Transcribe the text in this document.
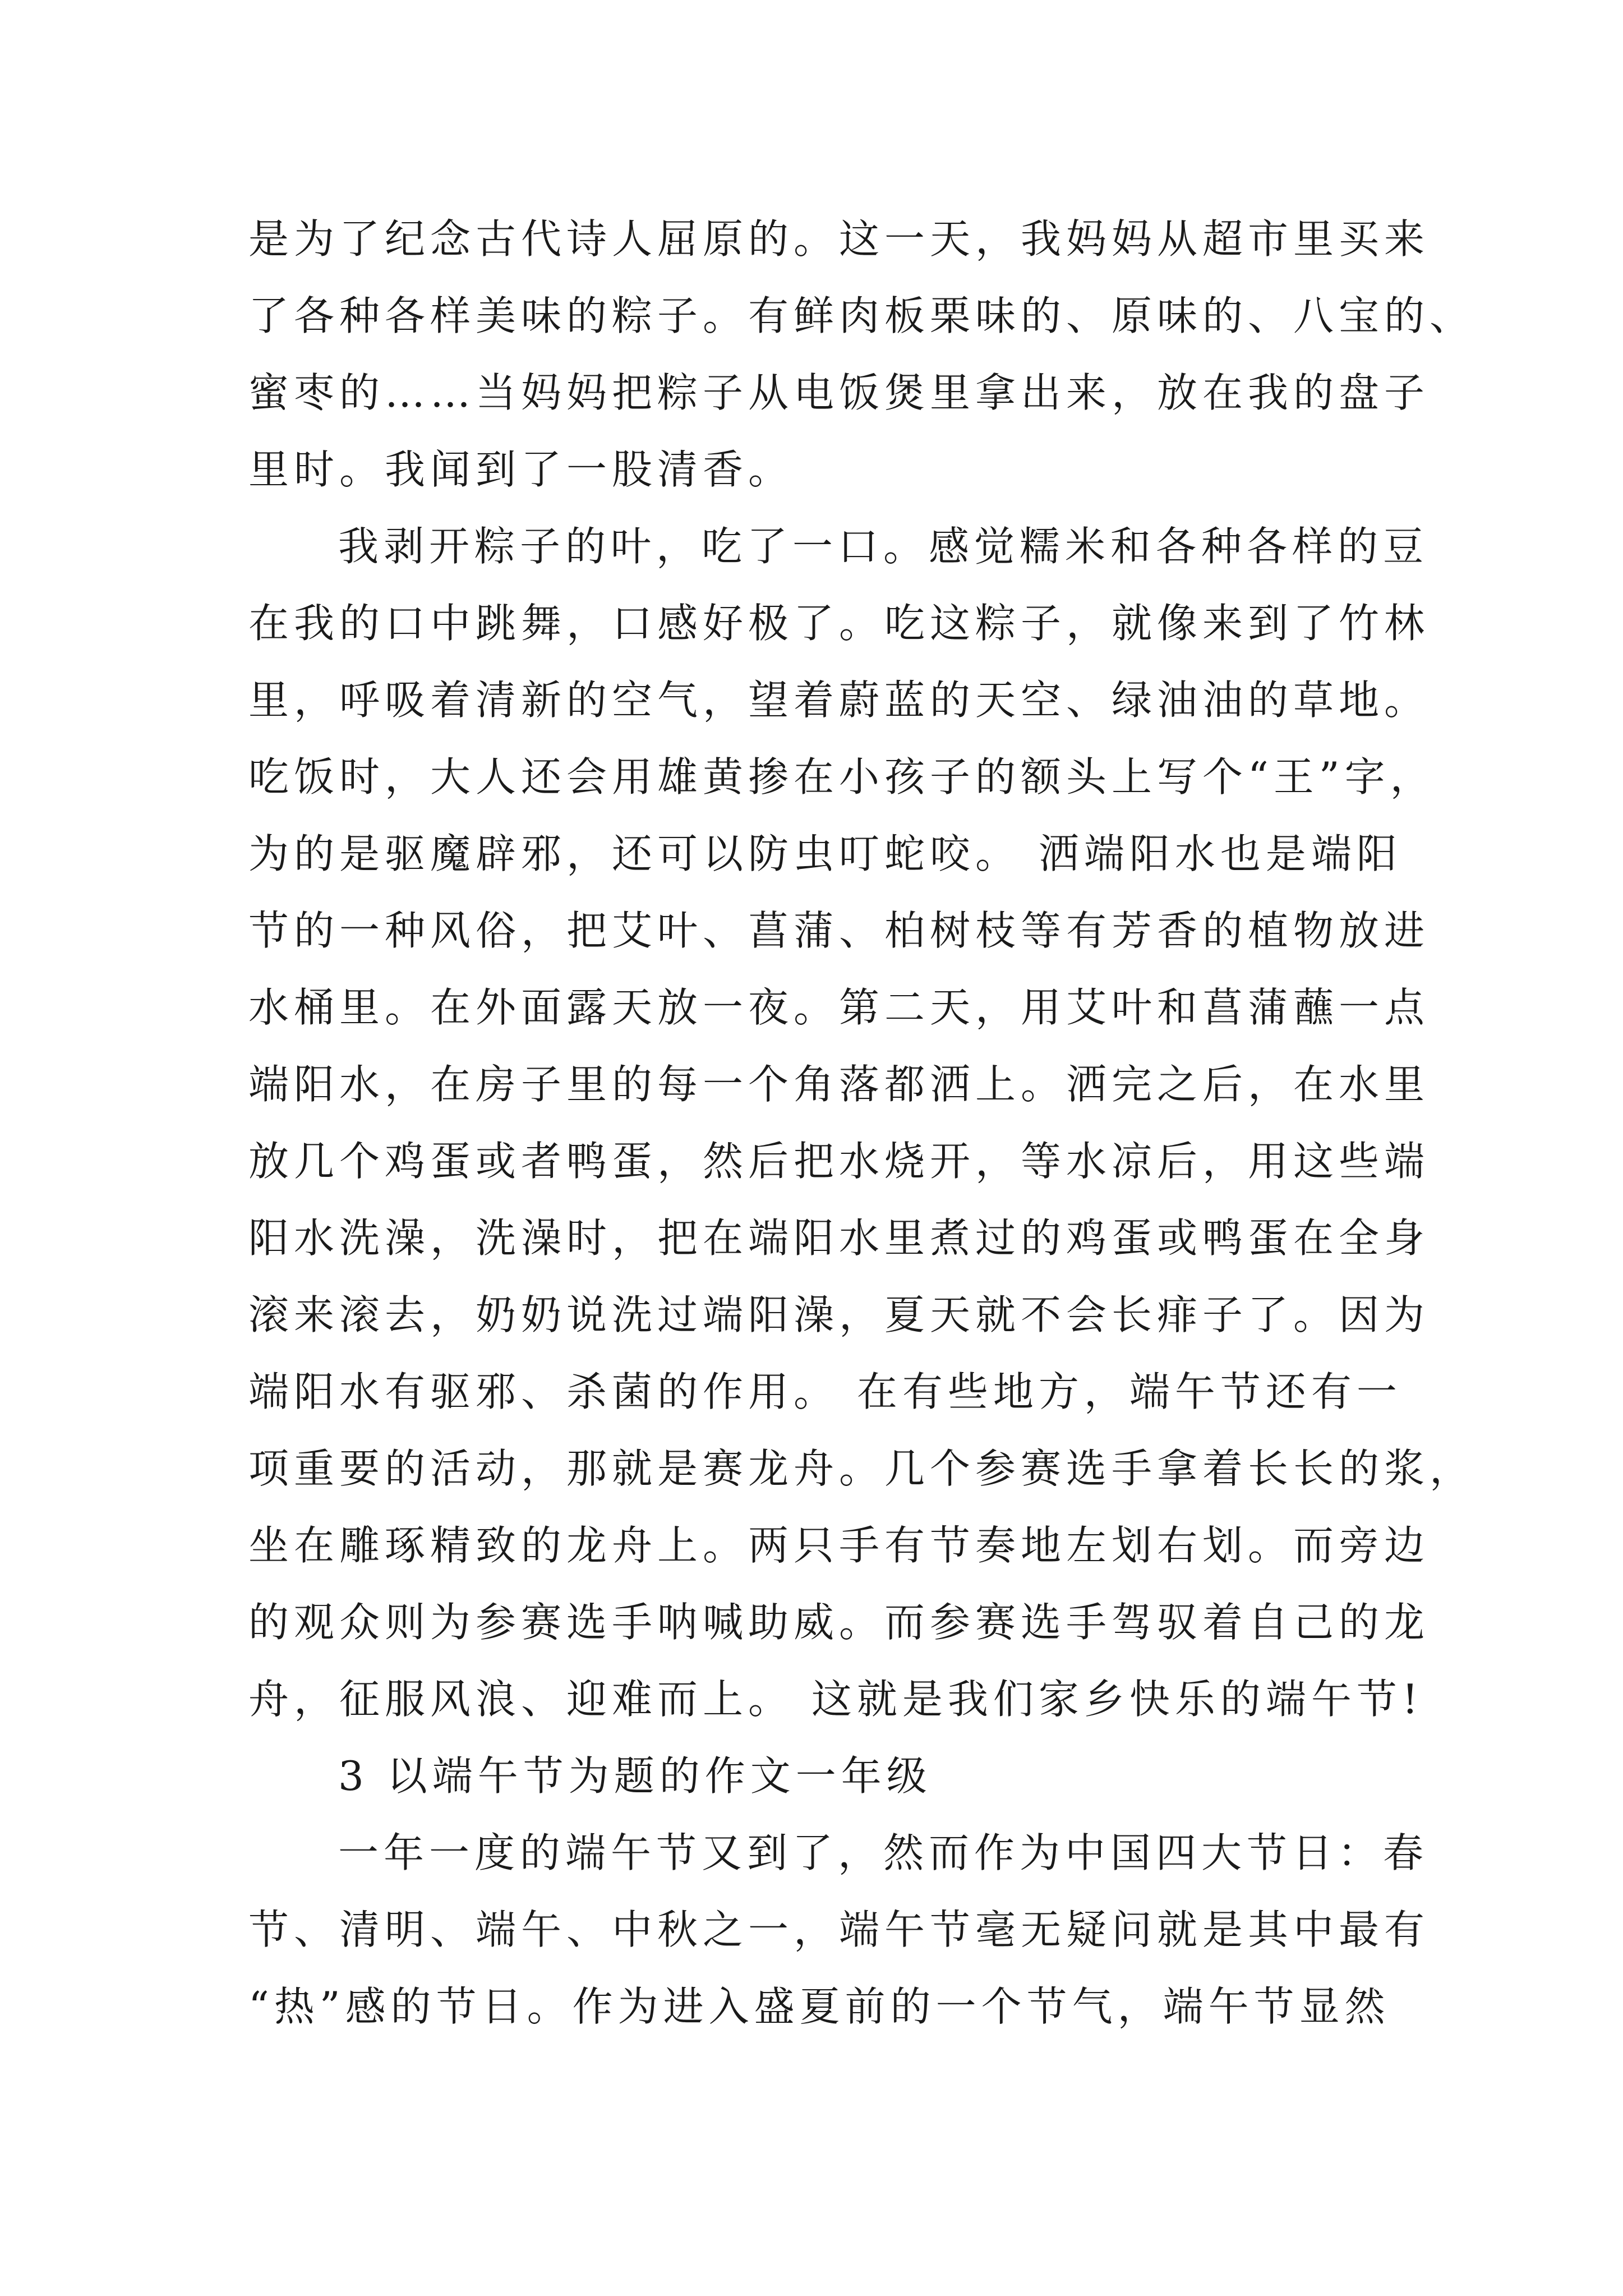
是为了纪念古代诗人屈原的。这一天，我妈妈从超市里买来
了各种各样美味的粽子。有鲜肉板栗味的、原味的、八宝的、
蜜枣的……当妈妈把粽子从电饭煲里拿出来，放在我的盘子
里时。我闻到了一股清香。
我剥开粽子的叶，吃了一口。感觉糯米和各种各样的豆
在我的口中跳舞，口感好极了。吃这粽子，就像来到了竹林
里，呼吸着清新的空气，望着蔚蓝的天空、绿油油的草地。
吃饭时，大人还会用雄黄掺在小孩子的额头上写个“王”字，
为的是驱魔辟邪，还可以防虫叮蛇咬。 洒端阳水也是端阳
节的一种风俗，把艾叶、菖蒲、柏树枝等有芳香的植物放进
水桶里。在外面露天放一夜。第二天，用艾叶和菖蒲蘸一点
端阳水，在房子里的每一个角落都洒上。洒完之后，在水里
放几个鸡蛋或者鸭蛋，然后把水烧开，等水凉后，用这些端
阳水洗澡，洗澡时，把在端阳水里煮过的鸡蛋或鸭蛋在全身
滚来滚去，奶奶说洗过端阳澡，夏天就不会长痱子了。因为
端阳水有驱邪、杀菌的作用。 在有些地方，端午节还有一
项重要的活动，那就是赛龙舟。几个参赛选手拿着长长的浆，
坐在雕琢精致的龙舟上。两只手有节奏地左划右划。而旁边
的观众则为参赛选手呐喊助威。而参赛选手驾驭着自己的龙
舟，征服风浪、迎难而上。 这就是我们家乡快乐的端午节!
3 以端午节为题的作文一年级
一年一度的端午节又到了，然而作为中国四大节日：春
节、清明、端午、中秋之一，端午节毫无疑问就是其中最有
“热”感的节日。作为进入盛夏前的一个节气，端午节显然
